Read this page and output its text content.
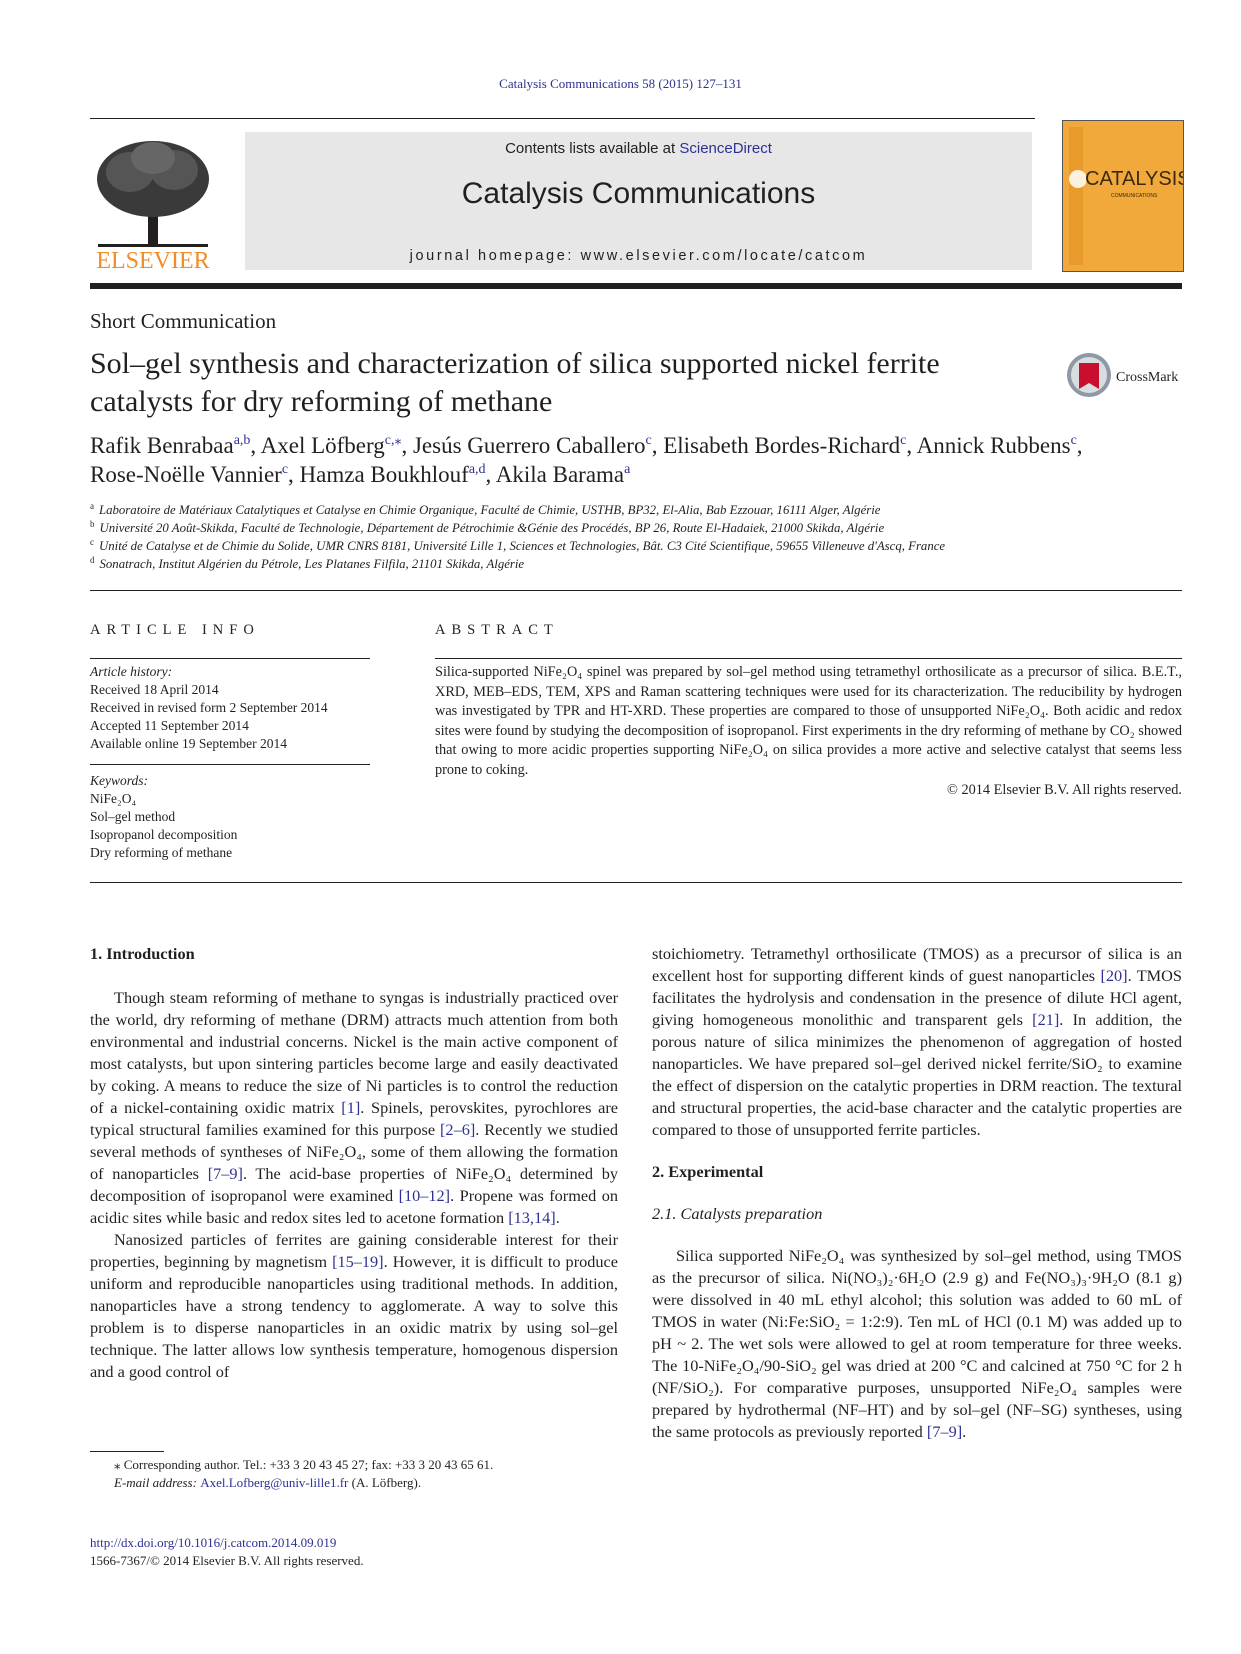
Catalysis Communications 58 (2015) 127–131
ELSEVIER
Contents lists available at ScienceDirect
Catalysis Communications
journal homepage: www.elsevier.com/locate/catcom
CATALYSIS
COMMUNICATIONS
Short Communication
Sol–gel synthesis and characterization of silica supported nickel ferrite
catalysts for dry reforming of methane
CrossMark
Rafik Benrabaa$^{a,b}$, Axel Löfberg$^{c,⁎}$, Jesús Guerrero Caballero$^c$, Elisabeth Bordes-Richard$^c$, Annick Rubbens$^c$,
Rose-Noëlle Vannier$^c$, Hamza Boukhlouf$^{a,d}$, Akila Barama$^a$
$^a$ Laboratoire de Matériaux Catalytiques et Catalyse en Chimie Organique, Faculté de Chimie, USTHB, BP32, El-Alia, Bab Ezzouar, 16111 Alger, Algérie
$^b$ Université 20 Août-Skikda, Faculté de Technologie, Département de Pétrochimie &Génie des Procédés, BP 26, Route El-Hadaiek, 21000 Skikda, Algérie
$^c$ Unité de Catalyse et de Chimie du Solide, UMR CNRS 8181, Université Lille 1, Sciences et Technologies, Bât. C3 Cité Scientifique, 59655 Villeneuve d'Ascq, France
$^d$ Sonatrach, Institut Algérien du Pétrole, Les Platanes Filfila, 21101 Skikda, Algérie
ARTICLE INFO	ABSTRACT
Article history:
Received 18 April 2014
Received in revised form 2 September 2014
Accepted 11 September 2014
Available online 19 September 2014
Keywords:
NiFe₂O₄
Sol–gel method
Isopropanol decomposition
Dry reforming of methane
Silica-supported NiFe₂O₄ spinel was prepared by sol–gel method using tetramethyl orthosilicate as a precursor of silica. B.E.T., XRD, MEB–EDS, TEM, XPS and Raman scattering techniques were used for its characterization. The reducibility by hydrogen was investigated by TPR and HT-XRD. These properties are compared to those of unsupported NiFe₂O₄. Both acidic and redox sites were found by studying the decomposition of isopropanol. First experiments in the dry reforming of methane by CO₂ showed that owing to more acidic properties supporting NiFe₂O₄ on silica provides a more active and selective catalyst that seems less prone to coking.
© 2014 Elsevier B.V. All rights reserved.
1. Introduction

Though steam reforming of methane to syngas is industrially practiced over the world, dry reforming of methane (DRM) attracts much attention from both environmental and industrial concerns. Nickel is the main active component of most catalysts, but upon sintering particles become large and easily deactivated by coking. A means to reduce the size of Ni particles is to control the reduction of a nickel-containing oxidic matrix [1]. Spinels, perovskites, pyrochlores are typical structural families examined for this purpose [2–6]. Recently we studied several methods of syntheses of NiFe₂O₄, some of them allowing the formation of nanoparticles [7–9]. The acid-base properties of NiFe₂O₄ determined by decomposition of isopropanol were examined [10–12]. Propene was formed on acidic sites while basic and redox sites led to acetone formation [13,14].

Nanosized particles of ferrites are gaining considerable interest for their properties, beginning by magnetism [15–19]. However, it is difficult to produce uniform and reproducible nanoparticles using traditional methods. In addition, nanoparticles have a strong tendency to agglomerate. A way to solve this problem is to disperse nanoparticles in an oxidic matrix by using sol–gel technique. The latter allows low synthesis temperature, homogenous dispersion and a good control of

stoichiometry. Tetramethyl orthosilicate (TMOS) as a precursor of silica is an excellent host for supporting different kinds of guest nanoparticles [20]. TMOS facilitates the hydrolysis and condensation in the presence of dilute HCl agent, giving homogeneous monolithic and transparent gels [21]. In addition, the porous nature of silica minimizes the phenomenon of aggregation of hosted nanoparticles. We have prepared sol–gel derived nickel ferrite/SiO₂ to examine the effect of dispersion on the catalytic properties in DRM reaction. The textural and structural properties, the acid-base character and the catalytic properties are compared to those of unsupported ferrite particles.

2. Experimental
2.1. Catalysts preparation

Silica supported NiFe₂O₄ was synthesized by sol–gel method, using TMOS as the precursor of silica. Ni(NO₃)₂·6H₂O (2.9 g) and Fe(NO₃)₃·9H₂O (8.1 g) were dissolved in 40 mL ethyl alcohol; this solution was added to 60 mL of TMOS in water (Ni:Fe:SiO₂ = 1:2:9). Ten mL of HCl (0.1 M) was added up to pH ~ 2. The wet sols were allowed to gel at room temperature for three weeks. The 10-NiFe₂O₄/90-SiO₂ gel was dried at 200 °C and calcined at 750 °C for 2 h (NF/SiO₂). For comparative purposes, unsupported NiFe₂O₄ samples were prepared by hydrothermal (NF–HT) and by sol–gel (NF–SG) syntheses, using the same protocols as previously reported [7–9].

⁎ Corresponding author. Tel.: +33 3 20 43 45 27; fax: +33 3 20 43 65 61.
E-mail address: Axel.Lofberg@univ-lille1.fr (A. Löfberg).
http://dx.doi.org/10.1016/j.catcom.2014.09.019
1566-7367/© 2014 Elsevier B.V. All rights reserved.
